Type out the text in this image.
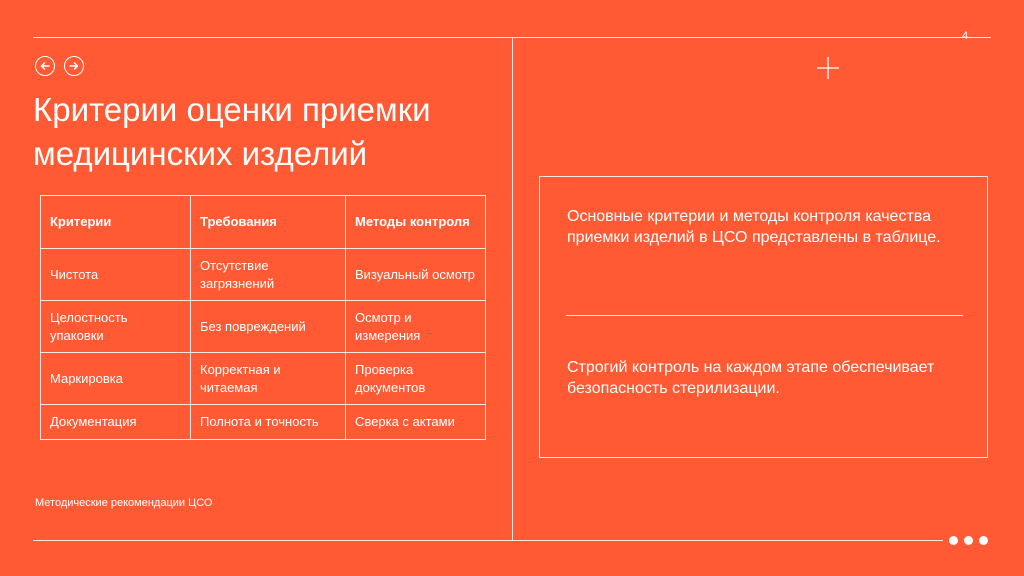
4
Критерии оценки приемки медицинских изделий
Критерии	Требования	Методы контроля
Чистота	Отсутствие загрязнений	Визуальный осмотр
Целостность упаковки	Без повреждений	Осмотр и измерения
Маркировка	Корректная и читаемая	Проверка документов
Документация	Полнота и точность	Сверка с актами
Методические рекомендации ЦСО
Основные критерии и методы контроля качества приемки изделий в ЦСО представлены в таблице.
Строгий контроль на каждом этапе обеспечивает безопасность стерилизации.
